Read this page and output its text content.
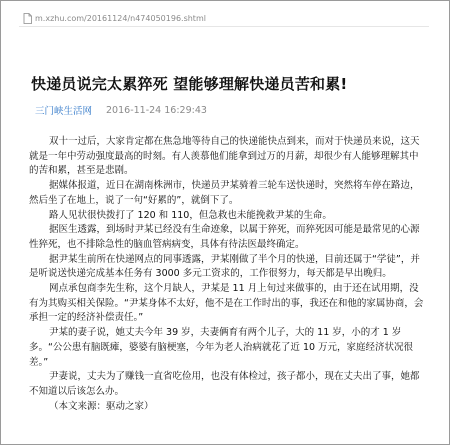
m.xzhu.com/20161124/n474050196.shtml
快递员说完太累猝死 望能够理解快递员苦和累!
三门峡生活网 2016-11-24 16:29:43

双十一过后，大家肯定都在焦急地等待自己的快递能快点到来，而对于快递员来说，这天就是一年中劳动强度最高的时刻。有人羡慕他们能拿到过万的月薪，却很少有人能够理解其中的苦和累，甚至是悲剧。

据媒体报道，近日在湖南株洲市，快递员尹某骑着三轮车送快递时，突然将车停在路边，然后坐了在地上，说了一句“好累的”，就倒下了。

路人见状很快拨打了 120 和 110，但急救也未能挽救尹某的生命。

据医生透露，到场时尹某已经没有生命迹象，以属于猝死，而猝死因可能是最常见的心源性猝死，也不排除急性的脑血管病病变，具体有待法医最终确定。

据尹某生前所在快递网点的同事透露，尹某刚做了半个月的快递，目前还属于“学徒”，并是听说送快递完成基本任务有 3000 多元工资求的，工作很努力，每天都是早出晚归。

网点承包商李先生称，这个月缺人，尹某是 11 月上旬过来做事的，由于还在试用期，没有为其购买相关保险。“尹某身体不太好，他不是在工作时出的事，我还在和他的家属协商，会承担一定的经济补偿责任。”

尹某的妻子说，她丈夫今年 39 岁，夫妻俩育有两个儿子，大的 11 岁，小的才 1 岁多。“公公患有脑既瘫，婆婆有脑梗塞，今年为老人治病就花了近 10 万元，家庭经济状况很差。”

尹妻说，丈夫为了赚钱一直省吃俭用，也没有体检过，孩子都小，现在丈夫出了事，她都不知道以后该怎么办。

（本文来源：驱动之家）
